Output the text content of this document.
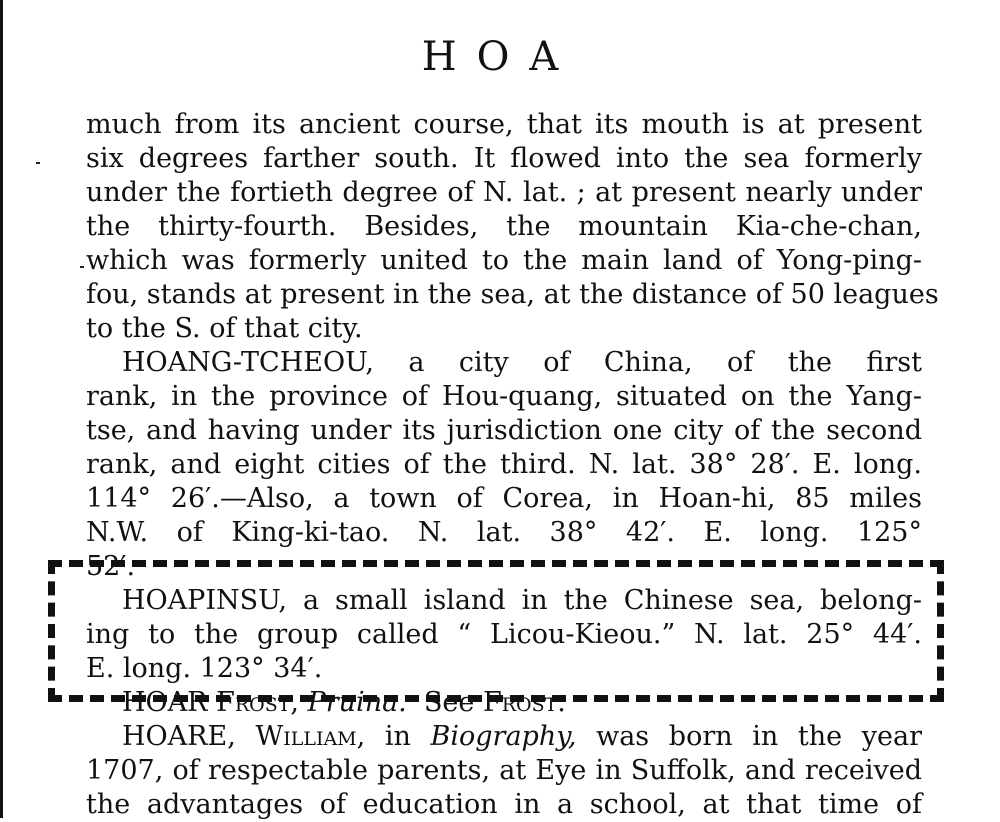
HOA
much from its ancient course, that its mouth is at present
six degrees farther south. It flowed into the sea formerly
under the fortieth degree of N. lat. ; at present nearly under
the thirty-fourth. Besides, the mountain Kia-che-chan,
which was formerly united to the main land of Yong-ping-
fou, stands at present in the sea, at the distance of 50 leagues
to the S. of that city.
HOANG-TCHEOU, a city of China, of the first
rank, in the province of Hou-quang, situated on the Yang-
tse, and having under its jurisdiction one city of the second
rank, and eight cities of the third. N. lat. 38° 28′. E. long.
114° 26′.—Also, a town of Corea, in Hoan-hi, 85 miles
N.W. of King-ki-tao. N. lat. 38° 42′. E. long. 125°
52′.
HOAPINSU, a small island in the Chinese sea, belong-
ing to the group called “ Licou-Kieou.” N. lat. 25° 44′.
E. long. 123° 34′.
HOAR Frost, Pruina. See Frost.
HOARE, William, in Biography, was born in the year
1707, of respectable parents, at Eye in Suffolk, and received
the advantages of education in a school, at that time of
